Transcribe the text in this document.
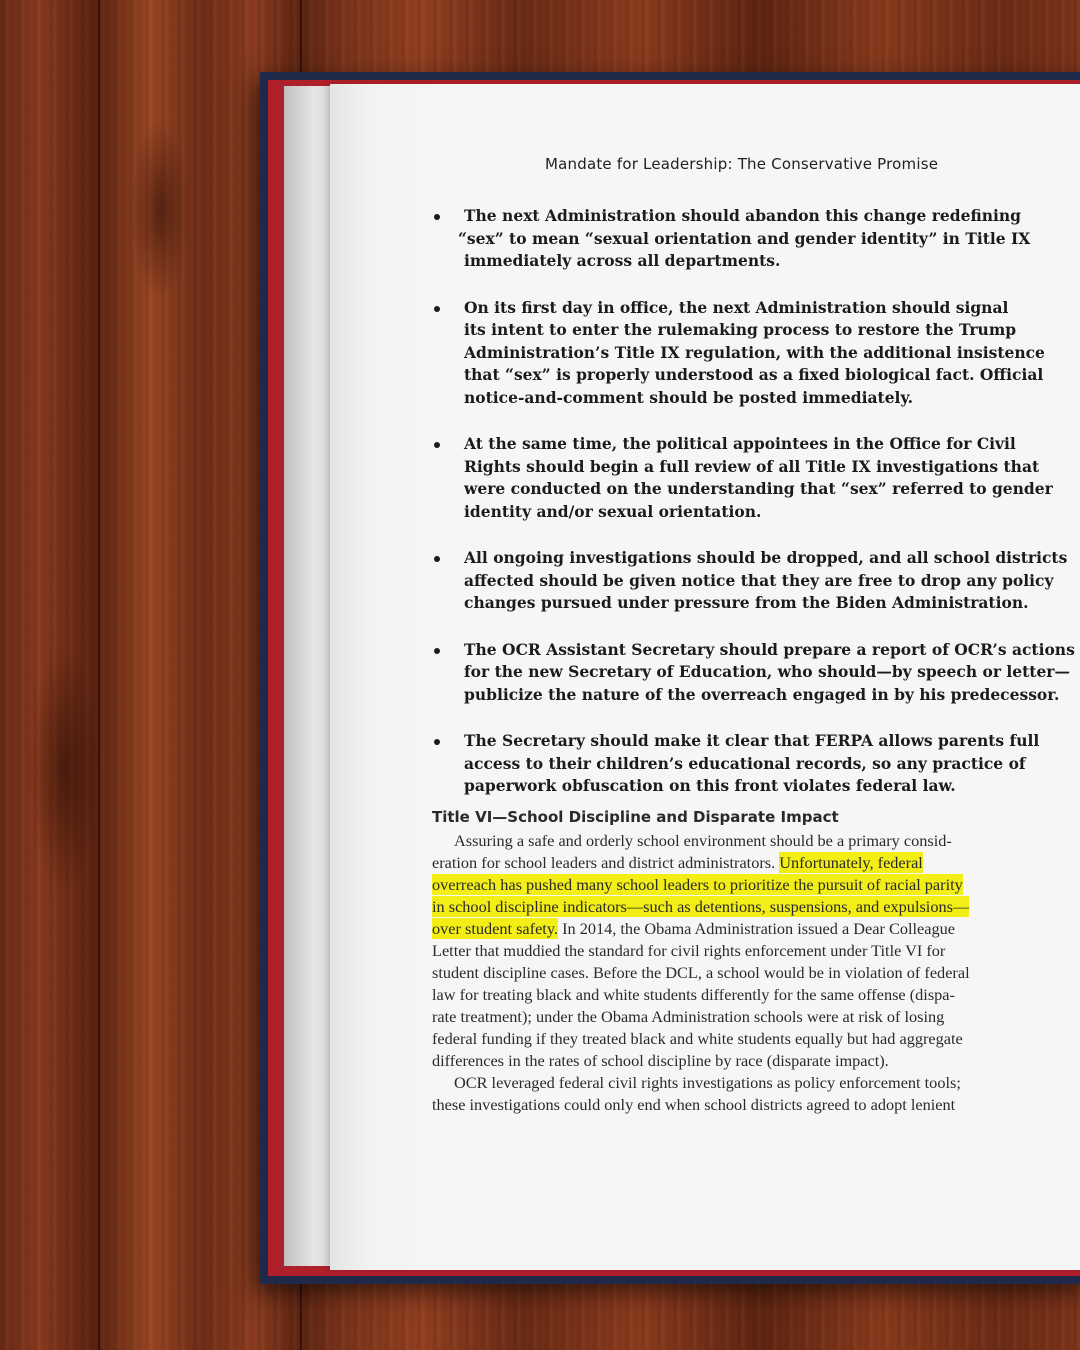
Mandate for Leadership: The Conservative Promise
The next Administration should abandon this change redefining
“sex” to mean “sexual orientation and gender identity” in Title IX
immediately across all departments.
On its first day in office, the next Administration should signal
its intent to enter the rulemaking process to restore the Trump
Administration’s Title IX regulation, with the additional insistence
that “sex” is properly understood as a fixed biological fact. Official
notice-and-comment should be posted immediately.
At the same time, the political appointees in the Office for Civil
Rights should begin a full review of all Title IX investigations that
were conducted on the understanding that “sex” referred to gender
identity and/or sexual orientation.
All ongoing investigations should be dropped, and all school districts
affected should be given notice that they are free to drop any policy
changes pursued under pressure from the Biden Administration.
The OCR Assistant Secretary should prepare a report of OCR’s actions
for the new Secretary of Education, who should—by speech or letter—
publicize the nature of the overreach engaged in by his predecessor.
The Secretary should make it clear that FERPA allows parents full
access to their children’s educational records, so any practice of
paperwork obfuscation on this front violates federal law.
Title VI—School Discipline and Disparate Impact
Assuring a safe and orderly school environment should be a primary consid-
eration for school leaders and district administrators. Unfortunately, federal
overreach has pushed many school leaders to prioritize the pursuit of racial parity
in school discipline indicators—such as detentions, suspensions, and expulsions—
over student safety. In 2014, the Obama Administration issued a Dear Colleague
Letter that muddied the standard for civil rights enforcement under Title VI for
student discipline cases. Before the DCL, a school would be in violation of federal
law for treating black and white students differently for the same offense (dispa-
rate treatment); under the Obama Administration schools were at risk of losing
federal funding if they treated black and white students equally but had aggregate
differences in the rates of school discipline by race (disparate impact).
OCR leveraged federal civil rights investigations as policy enforcement tools;
these investigations could only end when school districts agreed to adopt lenient
